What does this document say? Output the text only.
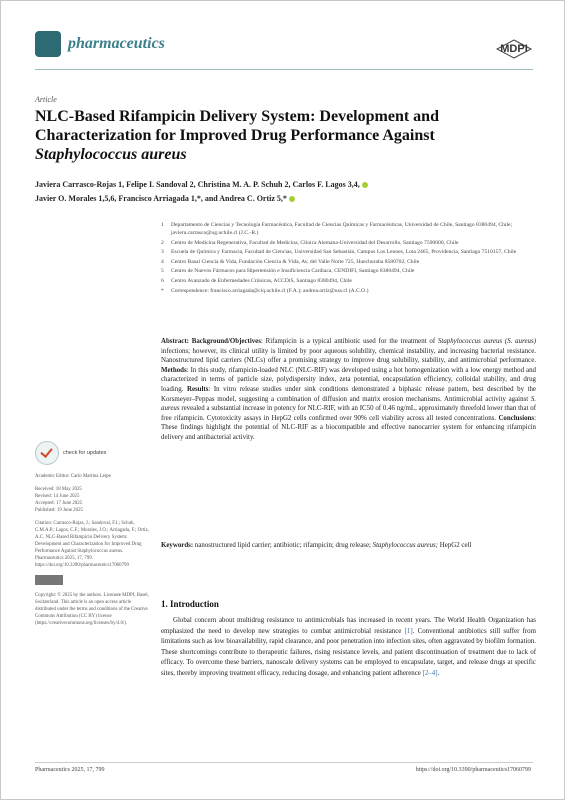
pharmaceutics	MDPI
Article
NLC-Based Rifampicin Delivery System: Development and Characterization for Improved Drug Performance Against
Staphylococcus aureus
Javiera Carrasco-Rojas 1, Felipe I. Sandoval 2, Christina M. A. P. Schuh 2, Carlos F. Lagos 3,4,
Javier O. Morales 1,5,6, Francisco Arriagada 1,*, and Andrea C. Ortiz 5,*
1	Departamento de Ciencias y Tecnología Farmacéutica, Facultad de Ciencias Químicas y Farmacéuticas, Universidad de Chile, Santiago 8380494, Chile; javiera.carrasco@ug.uchile.cl (J.C.-R.)
2	Centro de Medicina Regenerativa, Facultad de Medicina, Clínica Alemana-Universidad del Desarrollo, Santiago 7590000, Chile
3	Escuela de Química y Farmacia, Facultad de Ciencias, Universidad San Sebastián, Campus Los Leones, Lota 2465, Providencia, Santiago 7510157, Chile
4	Centro Basal Ciencia & Vida, Fundación Ciencia & Vida, Av. del Valle Norte 725, Huechuraba 8580702, Chile
5	Centro de Nuevos Fármacos para Hipertensión e Insuficiencia Cardiaca, CENDIFI, Santiago 8380494, Chile
6	Centro Avanzado de Enfermedades Crónicas, ACCDiS, Santiago 8380494, Chile
*	Correspondence: francisco.arriagada@ciq.uchile.cl (F.A.); andrea.ortiz@uss.cl (A.C.O.)
Abstract: Background/Objectives: Rifampicin is a typical antibiotic used for the treatment of Staphylococcus aureus (S. aureus) infections; however, its clinical utility is limited by poor aqueous solubility, chemical instability, and increasing bacterial resistance. Nanostructured lipid carriers (NLCs) offer a promising strategy to improve drug solubility, stability, and antimicrobial performance. Methods: In this study, rifampicin-loaded NLC (NLC-RIF) was developed using a hot homogenization with a low energy method and characterized in terms of particle size, polydispersity index, zeta potential, encapsulation efficiency, colloidal stability, and drug loading. Results: In vitro release studies under sink conditions demonstrated a biphasic release pattern, best described by the Korsmeyer–Peppas model, suggesting a combination of diffusion and matrix erosion mechanisms. Antimicrobial activity against S. aureus revealed a substantial increase in potency for NLC-RIF, with an IC50 of 0.46 ng/mL, approximately threefold lower than that of free rifampicin. Cytotoxicity assays in HepG2 cells confirmed over 90% cell viability across all tested concentrations. Conclusions: These findings highlight the potential of NLC-RIF as a biocompatible and effective nanocarrier system for enhancing rifampicin delivery and antibacterial activity.
Keywords: nanostructured lipid carrier; antibiotic; rifampicin; drug release; Staphylococcus aureus; HepG2 cell
check for updates
Academic Editor: Carlo Martina Leipe
Received: 18 May 2025
Revised: 14 June 2025
Accepted: 17 June 2025
Published: 19 June 2025
Citation: Carrasco-Rojas, J.; Sandoval, F.I.; Schuh, C.M.A.P.; Lagos, C.F.; Morales, J.O.; Arriagada, F.; Ortiz, A.C. NLC-Based Rifampicin Delivery System: Development and Characterization for Improved Drug Performance Against Staphylococcus aureus. Pharmaceutics 2025, 17, 799. https://doi.org/10.3390/pharmaceutics17060799
Copyright: © 2025 by the authors. Licensee MDPI, Basel, Switzerland. This article is an open access article distributed under the terms and conditions of the Creative Commons Attribution (CC BY) license (https://creativecommons.org/licenses/by/4.0/).
1. Introduction
Global concern about multidrug resistance to antimicrobials has increased in recent years. The World Health Organization has emphasized the need to develop new strategies to combat antimicrobial resistance [1]. Conventional antibiotics still suffer from limitations such as low bioavailability, rapid clearance, and poor penetration into infection sites, often aggravated by biofilm formation. These shortcomings contribute to therapeutic failures, rising resistance levels, and patient discontinuation of treatment due to lack of efficacy. To overcome these barriers, nanoscale delivery systems can be employed to encapsulate, target, and release drugs at specific sites, thereby improving treatment efficacy, reducing dosage, and enhancing patient adherence [2–4].
Pharmaceutics 2025, 17, 799	https://doi.org/10.3390/pharmaceutics17060799
